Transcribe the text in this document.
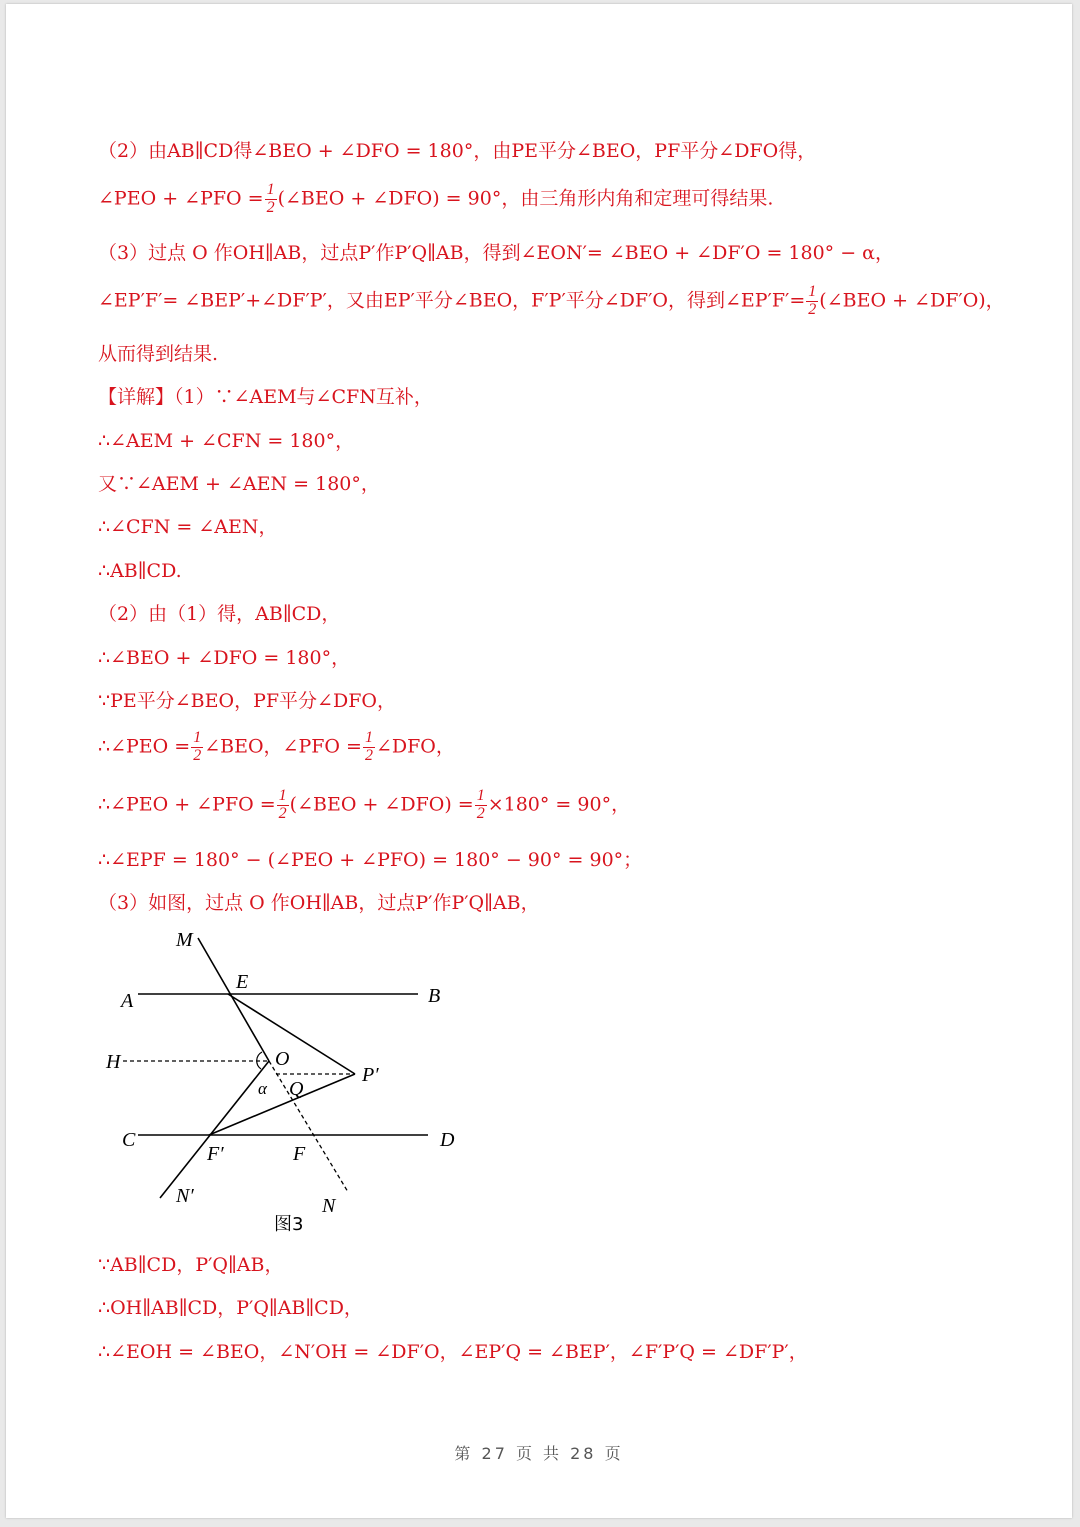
（2）由AB∥CD得∠BEO + ∠DFO = 180°，由PE平分∠BEO，PF平分∠DFO得，
∠PEO + ∠PFO = $\frac{1}{2}$ (∠BEO + ∠DFO) = 90°，由三角形内角和定理可得结果.
（3）过点 O 作OH∥AB，过点P′作P′Q∥AB，得到∠EON′= ∠BEO + ∠DF′O = 180° − α，
∠EP′F′= ∠BEP′+∠DF′P′，又由EP′平分∠BEO，F′P′平分∠DF′O，得到∠EP′F′= $\frac{1}{2}$ (∠BEO + ∠DF′O)，
从而得到结果.
【详解】（1）∵∠AEM与∠CFN互补，
∴∠AEM + ∠CFN = 180°，
又∵∠AEM + ∠AEN = 180°，
∴∠CFN = ∠AEN，
∴AB∥CD.
（2）由（1）得，AB∥CD，
∴∠BEO + ∠DFO = 180°，
∵PE平分∠BEO，PF平分∠DFO，
∴∠PEO = $\frac{1}{2}$ ∠BEO，∠PFO = $\frac{1}{2}$ ∠DFO，
∴∠PEO + ∠PFO = $\frac{1}{2}$ (∠BEO + ∠DFO) = $\frac{1}{2} \times 180^\circ = 90^\circ$，
∴∠EPF = 180° − (∠PEO + ∠PFO) = 180° − 90° = 90°；
（3）如图，过点 O 作OH∥AB，过点P′作P′Q∥AB，
M
E
A	B
H	O
P′
α Q
C	D
F′	F
N′	N
图3
∵AB∥CD，P′Q∥AB，
∴OH∥AB∥CD，P′Q∥AB∥CD，
∴∠EOH = ∠BEO，∠N′OH = ∠DF′O，∠EP′Q = ∠BEP′，∠F′P′Q = ∠DF′P′，
第 27 页 共 28 页
